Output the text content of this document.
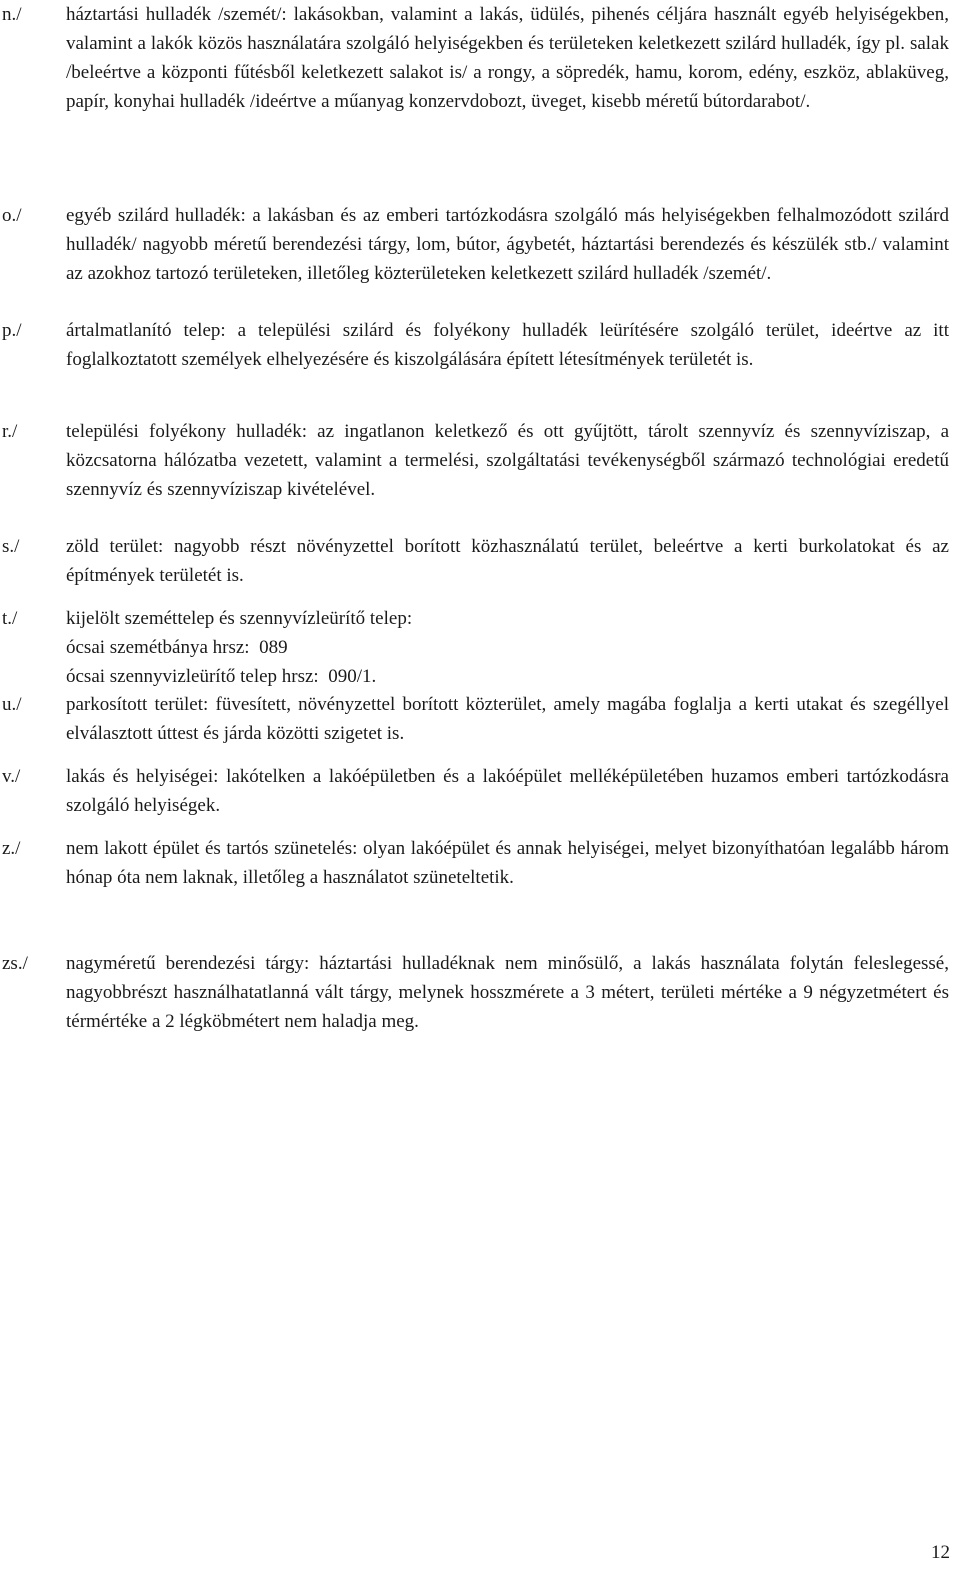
n./ háztartási hulladék /szemét/: lakásokban, valamint a lakás, üdülés, pihenés céljára használt egyéb helyiségekben, valamint a lakók közös használatára szolgáló helyiségekben és területeken keletkezett szilárd hulladék, így pl. salak /beleértve a központi fűtésből keletkezett salakot is/ a rongy, a söpredék, hamu, korom, edény, eszköz, ablaküveg, papír, konyhai hulladék /ideértve a műanyag konzervdobozt, üveget, kisebb méretű bútordarabot/.

o./ egyéb szilárd hulladék: a lakásban és az emberi tartózkodásra szolgáló más helyiségekben felhalmozódott szilárd hulladék/ nagyobb méretű berendezési tárgy, lom, bútor, ágybetét, háztartási berendezés és készülék stb./ valamint az azokhoz tartozó területeken, illetőleg közterületeken keletkezett szilárd hulladék /szemét/.

p./ ártalmatlanító telep: a települési szilárd és folyékony hulladék leürítésére szolgáló terület, ideértve az itt foglalkoztatott személyek elhelyezésére és kiszolgálására épített létesítmények területét is.

r./	települési folyékony hulladék: az ingatlanon keletkező és ott gyűjtött, tárolt szennyvíz és szennyvíziszap, a közcsatorna hálózatba vezetett, valamint a termelési, szolgáltatási tevékenységből származó technológiai eredetű szennyvíz és szennyvíziszap kivételével.

s./ zöld terület: nagyobb részt növényzettel borított közhasználatú terület, beleértve a kerti burkolatokat és az építmények területét is.

t./	kijelölt szeméttelep és szennyvízleürítő telep:
ócsai szemétbánya hrsz:  089
ócsai szennyvizleürítő telep hrsz:  090/1.
u./ parkosított terület: füvesített, növényzettel borított közterület, amely magába foglalja a kerti utakat és szegéllyel elválasztott úttest és járda közötti szigetet is.

v./ lakás és helyiségei: lakótelken a lakóépületben és a lakóépület melléképületében huzamos emberi tartózkodásra szolgáló helyiségek.

z./ nem lakott épület és tartós szünetelés: olyan lakóépület és annak helyiségei, melyet bizonyíthatóan legalább három hónap óta nem laknak, illetőleg a használatot szüneteltetik.

zs./ nagyméretű berendezési tárgy: háztartási hulladéknak nem minősülő, a lakás használata folytán feleslegessé, nagyobbrészt használhatatlanná vált tárgy, melynek hosszmérete a 3 métert, területi mértéke a 9 négyzetmétert és térmértéke a 2 légköbmétert nem haladja meg.

12
